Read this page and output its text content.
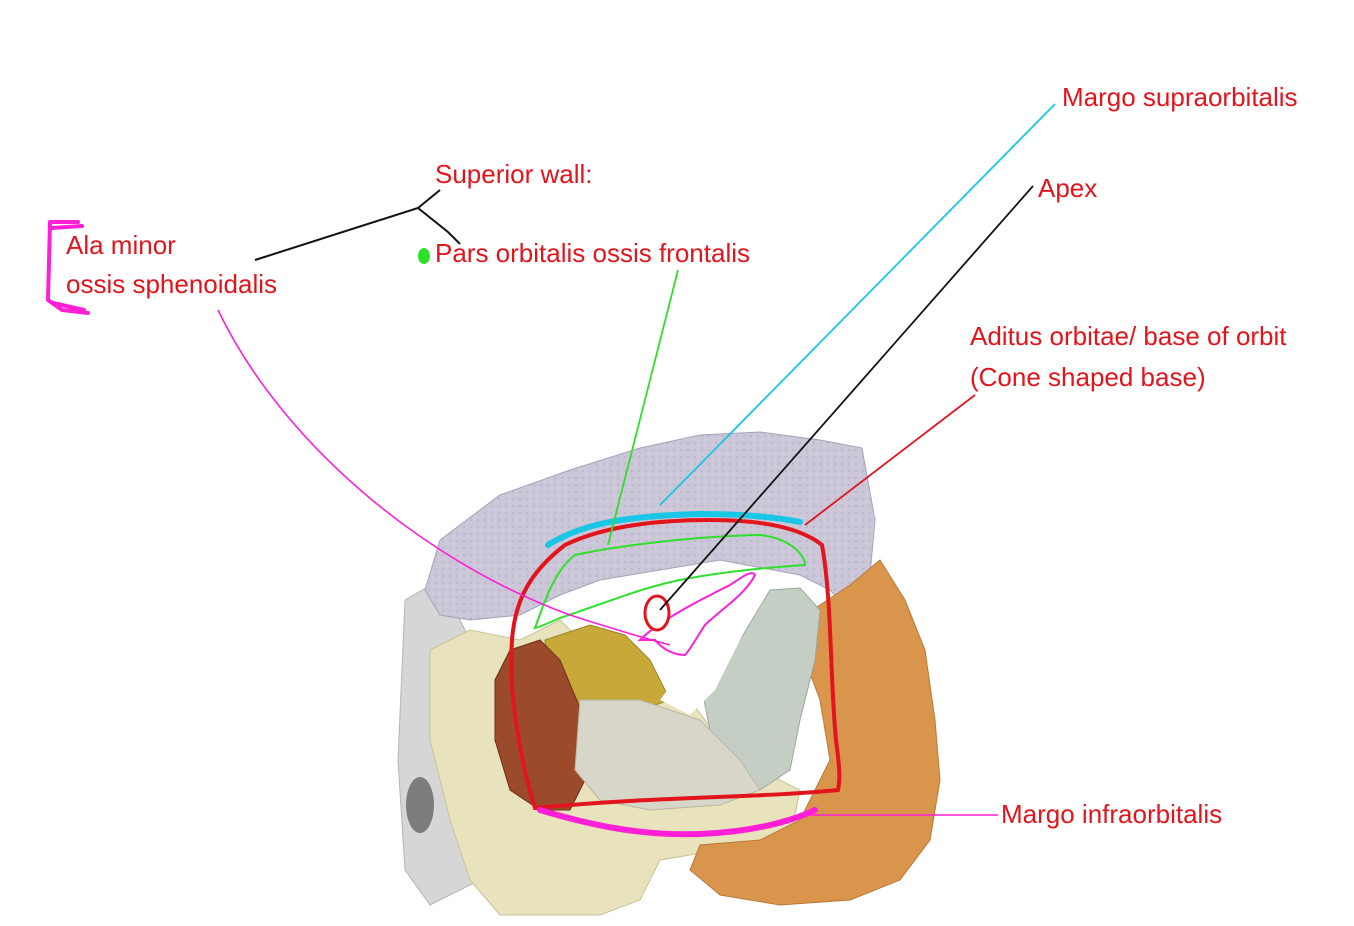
Superior wall:
Ala minor
ossis sphenoidalis
Pars orbitalis ossis frontalis
Margo supraorbitalis
Apex
Aditus orbitae/ base of orbit
(Cone shaped base)
Margo infraorbitalis
